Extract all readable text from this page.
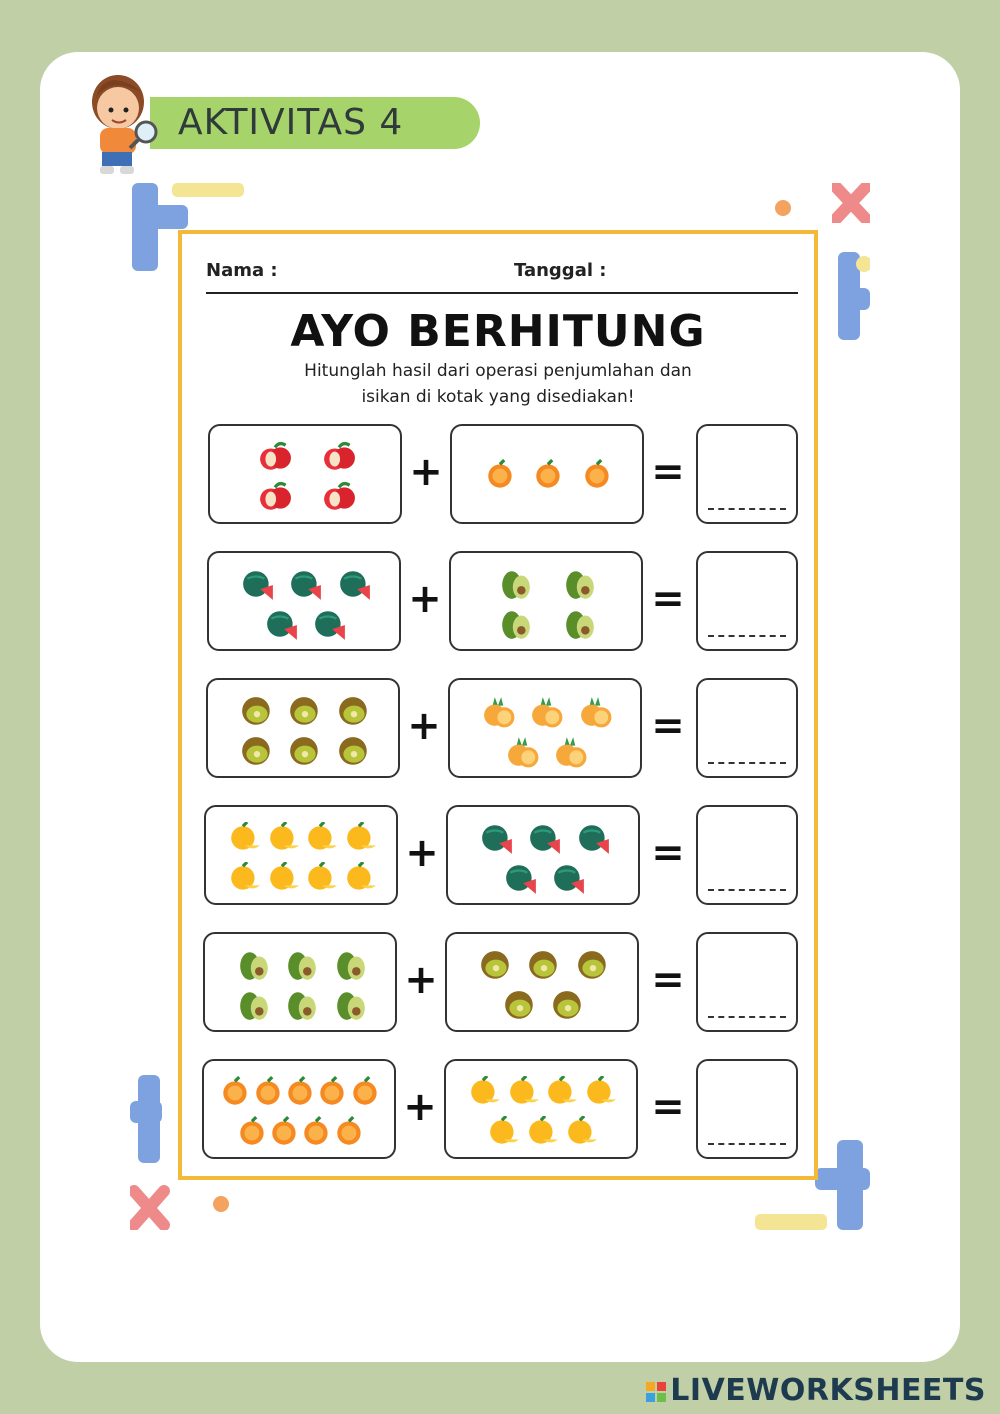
AKTIVITAS 4
Nama :	Tanggal :
AYO BERHITUNG
Hitunglah hasil dari operasi penjumlahan dan
isikan di kotak yang disediakan!
+	=
+	=
+	=
+	=
+	=
+	=
LIVEWORKSHEETS
